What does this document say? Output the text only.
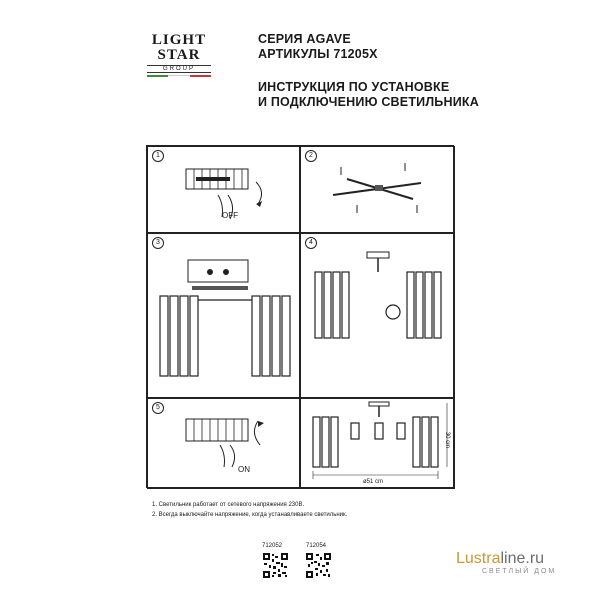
LIGHT
STAR
GROUP
СЕРИЯ AGAVE
АРТИКУЛЫ 71205X
ИНСТРУКЦИЯ ПО УСТАНОВКЕ
И ПОДКЛЮЧЕНИЮ СВЕТИЛЬНИКА
1
OFF
2
3	4
5
ON
30 cm
ø51 cm
1. Светильник работает от сетевого напряжения 230В.
2. Всегда выключайте напряжение, когда устанавливаете светильник.
712052	712054
Lustraline.ru
СВЕТЛЫЙ ДОМ
